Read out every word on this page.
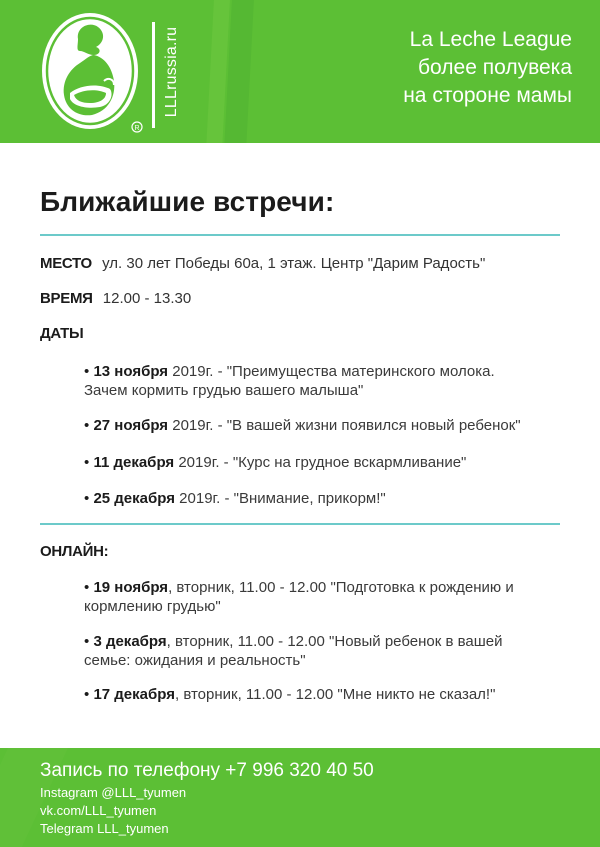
R
LLLrussia.ru	La Leche League
более полувека
на стороне мамы
Ближайшие встречи:
МЕСТО ул. 30 лет Победы 60а, 1 этаж. Центр "Дарим Радость"
ВРЕМЯ 12.00 - 13.30
ДАТЫ
• 13 ноября 2019г. - "Преимущества материнского молока.
Зачем кормить грудью вашего малыша"
• 27 ноября 2019г. - "В вашей жизни появился новый ребенок"
• 11 декабря 2019г. - "Курс на грудное вскармливание"
• 25 декабря 2019г. - "Внимание, прикорм!"
ОНЛАЙН:
• 19 ноября, вторник, 11.00 - 12.00 "Подготовка к рождению и
кормлению грудью"
• 3 декабря, вторник, 11.00 - 12.00 "Новый ребенок в вашей
семье: ожидания и реальность"
• 17 декабря, вторник, 11.00 - 12.00 "Мне никто не сказал!"
Запись по телефону +7 996 320 40 50
Instagram @LLL_tyumen
vk.com/LLL_tyumen
Telegram LLL_tyumen
